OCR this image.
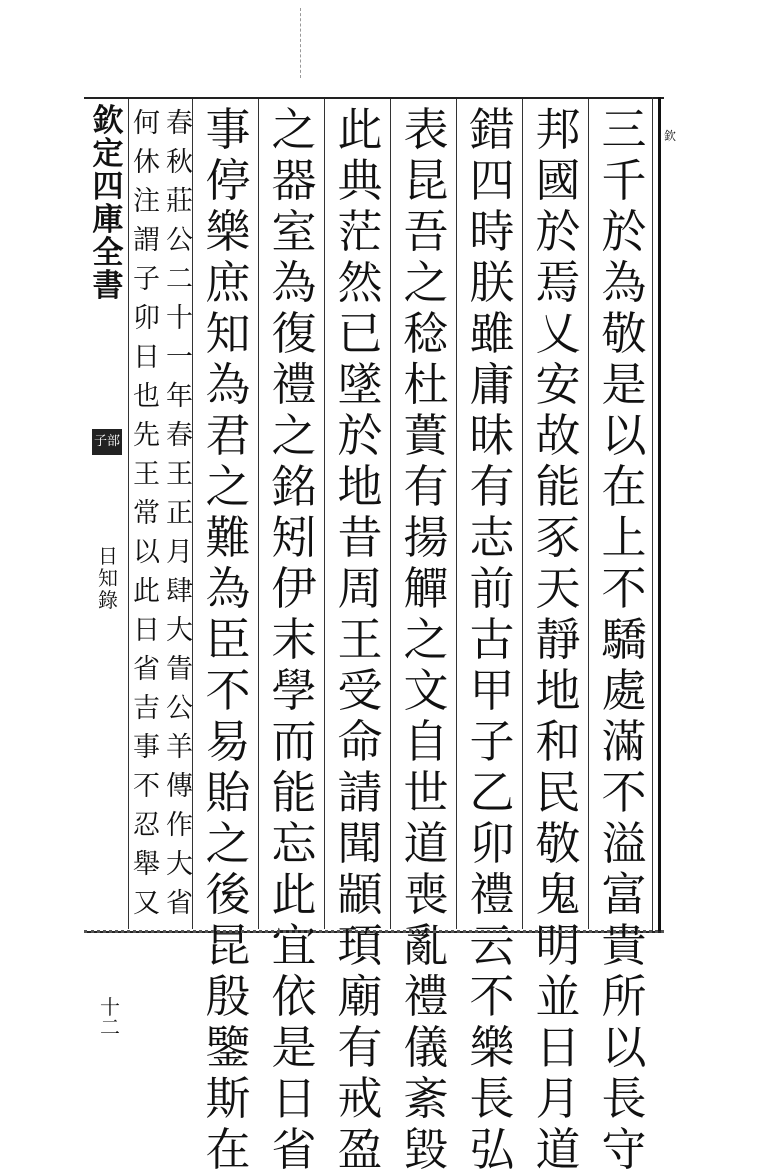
欽
欽
定
四
庫
全
書
子部
日
知
錄
十二
三
千
於
為
敬
是
以
在
上
不
驕
處
滿
不
溢
富
貴
所
以
長
守
邦
國
於
焉
乂
安
故
能
豕
天
靜
地
和
民
敬
鬼
明
並
日
月
道
錯
四
時
朕
雖
庸
昧
有
志
前
古
甲
子
乙
卯
禮
云
不
樂
長
弘
表
昆
吾
之
稔
杜
蕢
有
揚
觶
之
文
自
世
道
喪
亂
禮
儀
紊
毀
此
典
茫
然
已
墜
於
地
昔
周
王
受
命
請
聞
顓
頊
廟
有
戒
盈
之
器
室
為
復
禮
之
銘
矧
伊
末
學
而
能
忘
此
宜
依
是
日
省
事
停
樂
庶
知
為
君
之
難
為
臣
不
易
貽
之
後
昆
殷
鑒
斯
在
春
秋
莊
公
二
十
一
年
春
王
正
月
肆
大
眚
公
羊
傳
作
大
省
何
休
注
謂
子
卯
日
也
先
王
常
以
此
日
省
吉
事
不
忍
舉
又
